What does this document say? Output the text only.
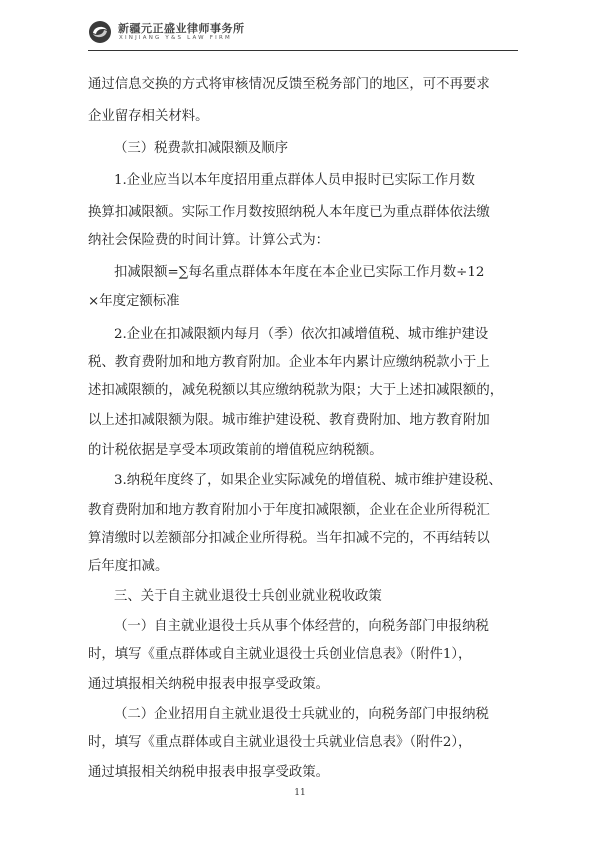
新疆元正盛业律师事务所
XINJIANG Y&S LAW FIRM
通过信息交换的方式将审核情况反馈至税务部门的地区，可不再要求
企业留存相关材料。
（三）税费款扣减限额及顺序
1.企业应当以本年度招用重点群体人员申报时已实际工作月数
换算扣减限额。实际工作月数按照纳税人本年度已为重点群体依法缴
纳社会保险费的时间计算。计算公式为：
扣减限额=∑每名重点群体本年度在本企业已实际工作月数÷12
×年度定额标准
2.企业在扣减限额内每月（季）依次扣减增值税、城市维护建设
税、教育费附加和地方教育附加。企业本年内累计应缴纳税款小于上
述扣减限额的，减免税额以其应缴纳税款为限；大于上述扣减限额的，
以上述扣减限额为限。城市维护建设税、教育费附加、地方教育附加
的计税依据是享受本项政策前的增值税应纳税额。
3.纳税年度终了，如果企业实际减免的增值税、城市维护建设税、
教育费附加和地方教育附加小于年度扣减限额，企业在企业所得税汇
算清缴时以差额部分扣减企业所得税。当年扣减不完的，不再结转以
后年度扣减。
三、关于自主就业退役士兵创业就业税收政策
（一）自主就业退役士兵从事个体经营的，向税务部门申报纳税
时，填写《重点群体或自主就业退役士兵创业信息表》（附件1），
通过填报相关纳税申报表申报享受政策。
（二）企业招用自主就业退役士兵就业的，向税务部门申报纳税
时，填写《重点群体或自主就业退役士兵就业信息表》（附件2），
通过填报相关纳税申报表申报享受政策。
11
